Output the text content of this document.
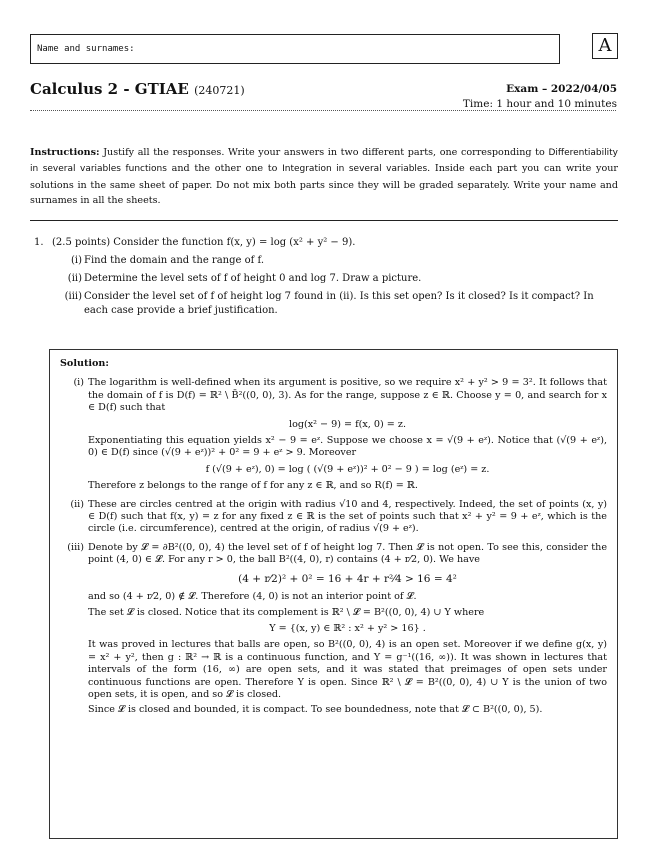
Name and surnames:	A
Calculus 2 - GTIAE (240721)	Exam – 2022/04/05
Time: 1 hour and 10 minutes
Instructions: Justify all the responses. Write your answers in two different parts, one corresponding to Differentiability in several variables functions and the other one to Integration in several variables. Inside each part you can write your solutions in the same sheet of paper. Do not mix both parts since they will be graded separately. Write your name and surnames in all the sheets.
1. (2.5 points) Consider the function f(x, y) = log (x² + y² − 9).
(i) Find the domain and the range of f.
(ii) Determine the level sets of f of height 0 and log 7. Draw a picture.
(iii) Consider the level set of f of height log 7 found in (ii). Is this set open? Is it closed? Is it compact? In each case provide a brief justification.
Solution:
(i) The logarithm is well-defined when its argument is positive, so we require x² + y² > 9 = 3². It follows that the domain of f is D(f) = ℝ² \ B̄²((0, 0), 3). As for the range, suppose z ∈ ℝ. Choose y = 0, and search for x ∈ D(f) such that

log(x² − 9) = f(x, 0) = z.

Exponentiating this equation yields x² − 9 = eᶻ. Suppose we choose x = √(9 + eᶻ). Notice that (√(9 + eᶻ), 0) ∈ D(f) since (√(9 + eᶻ))² + 0² = 9 + eᶻ > 9. Moreover

f (√(9 + eᶻ), 0) = log ( (√(9 + eᶻ))² + 0² − 9 ) = log (eᶻ) = z.

Therefore z belongs to the range of f for any z ∈ ℝ, and so R(f) = ℝ.

(ii) These are circles centred at the origin with radius √10 and 4, respectively. Indeed, the set of points (x, y) ∈ D(f) such that f(x, y) = z for any fixed z ∈ ℝ is the set of points such that x² + y² = 9 + eᶻ, which is the circle (i.e. circumference), centred at the origin, of radius √(9 + eᶻ).

(iii) Denote by 𝓛 = ∂B²((0, 0), 4) the level set of f of height log 7. Then 𝓛 is not open. To see this, consider the point (4, 0) ∈ 𝓛. For any r > 0, the ball B²((4, 0), r) contains (4 + r⁄2, 0). We have

(4 + r⁄2)² + 0² = 16 + 4r + r²⁄4 > 16 = 4²

and so (4 + r⁄2, 0) ∉ 𝓛. Therefore (4, 0) is not an interior point of 𝓛.

The set 𝓛 is closed. Notice that its complement is ℝ² \ 𝓛 = B²((0, 0), 4) ∪ Y where

Y = {(x, y) ∈ ℝ² : x² + y² > 16} .

It was proved in lectures that balls are open, so B²((0, 0), 4) is an open set. Moreover if we define g(x, y) = x² + y², then g : ℝ² → ℝ is a continuous function, and Y = g⁻¹((16, ∞)). It was shown in lectures that intervals of the form (16, ∞) are open sets, and it was stated that preimages of open sets under continuous functions are open. Therefore Y is open. Since ℝ² \ 𝓛 = B²((0, 0), 4) ∪ Y is the union of two open sets, it is open, and so 𝓛 is closed.

Since 𝓛 is closed and bounded, it is compact. To see boundedness, note that 𝓛 ⊂ B²((0, 0), 5).
